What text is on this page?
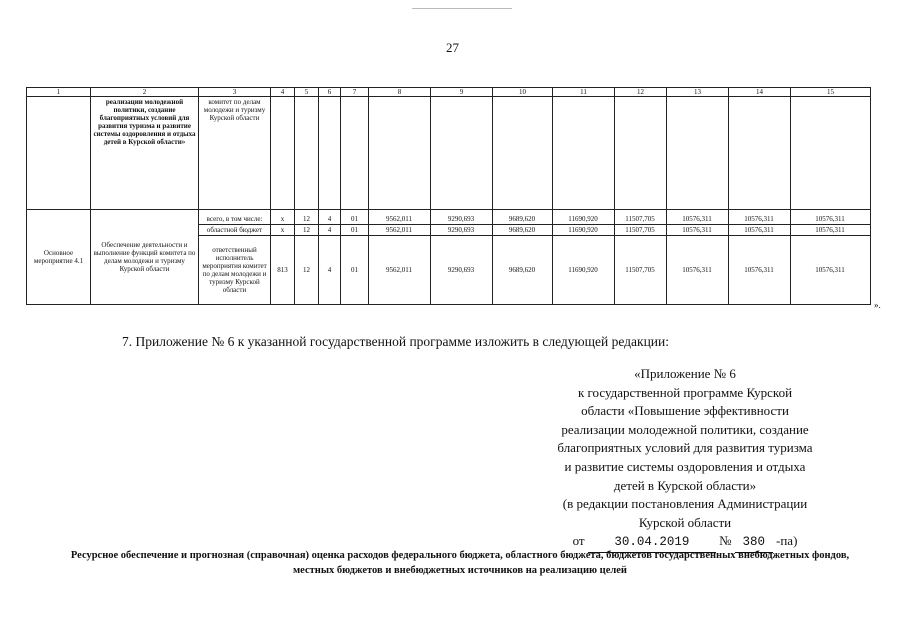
27
1	2	3	4	5	6	7	8	9	10	11	12	13	14	15
	реализации молодежной политики, создание благоприятных условий для развития туризма и развитие системы оздоровления и отдыха детей в Курской области»	комитет по делам молодежи и туризму Курской области												
Основное мероприятие 4.1	Обеспечение деятельности и выполнение функций комитета по делам молодежи и туризму Курской области	всего, в том числе:	х	12	4	01	9562,011	9290,693	9689,620	11690,920	11507,705	10576,311	10576,311	10576,311
		областной бюджет	х	12	4	01	9562,011	9290,693	9689,620	11690,920	11507,705	10576,311	10576,311	10576,311
		ответственный исполнитель мероприятия комитет по делам молодежи и туризму Курской области	813	12	4	01	9562,011	9290,693	9689,620	11690,920	11507,705	10576,311	10576,311	10576,311
».
7. Приложение № 6 к указанной государственной программе изложить в следующей редакции:
«Приложение № 6
к государственной программе Курской
области «Повышение эффективности
реализации молодежной политики, создание
благоприятных условий для развития туризма
и развитие системы оздоровления и отдыха
детей в Курской области»
(в редакции постановления Администрации
Курской области
от 30.04.2019 № 380 -па)
Ресурсное обеспечение и прогнозная (справочная) оценка расходов федерального бюджета, областного бюджета, бюджетов государственных внебюджетных фондов, местных бюджетов и внебюджетных источников на реализацию целей
